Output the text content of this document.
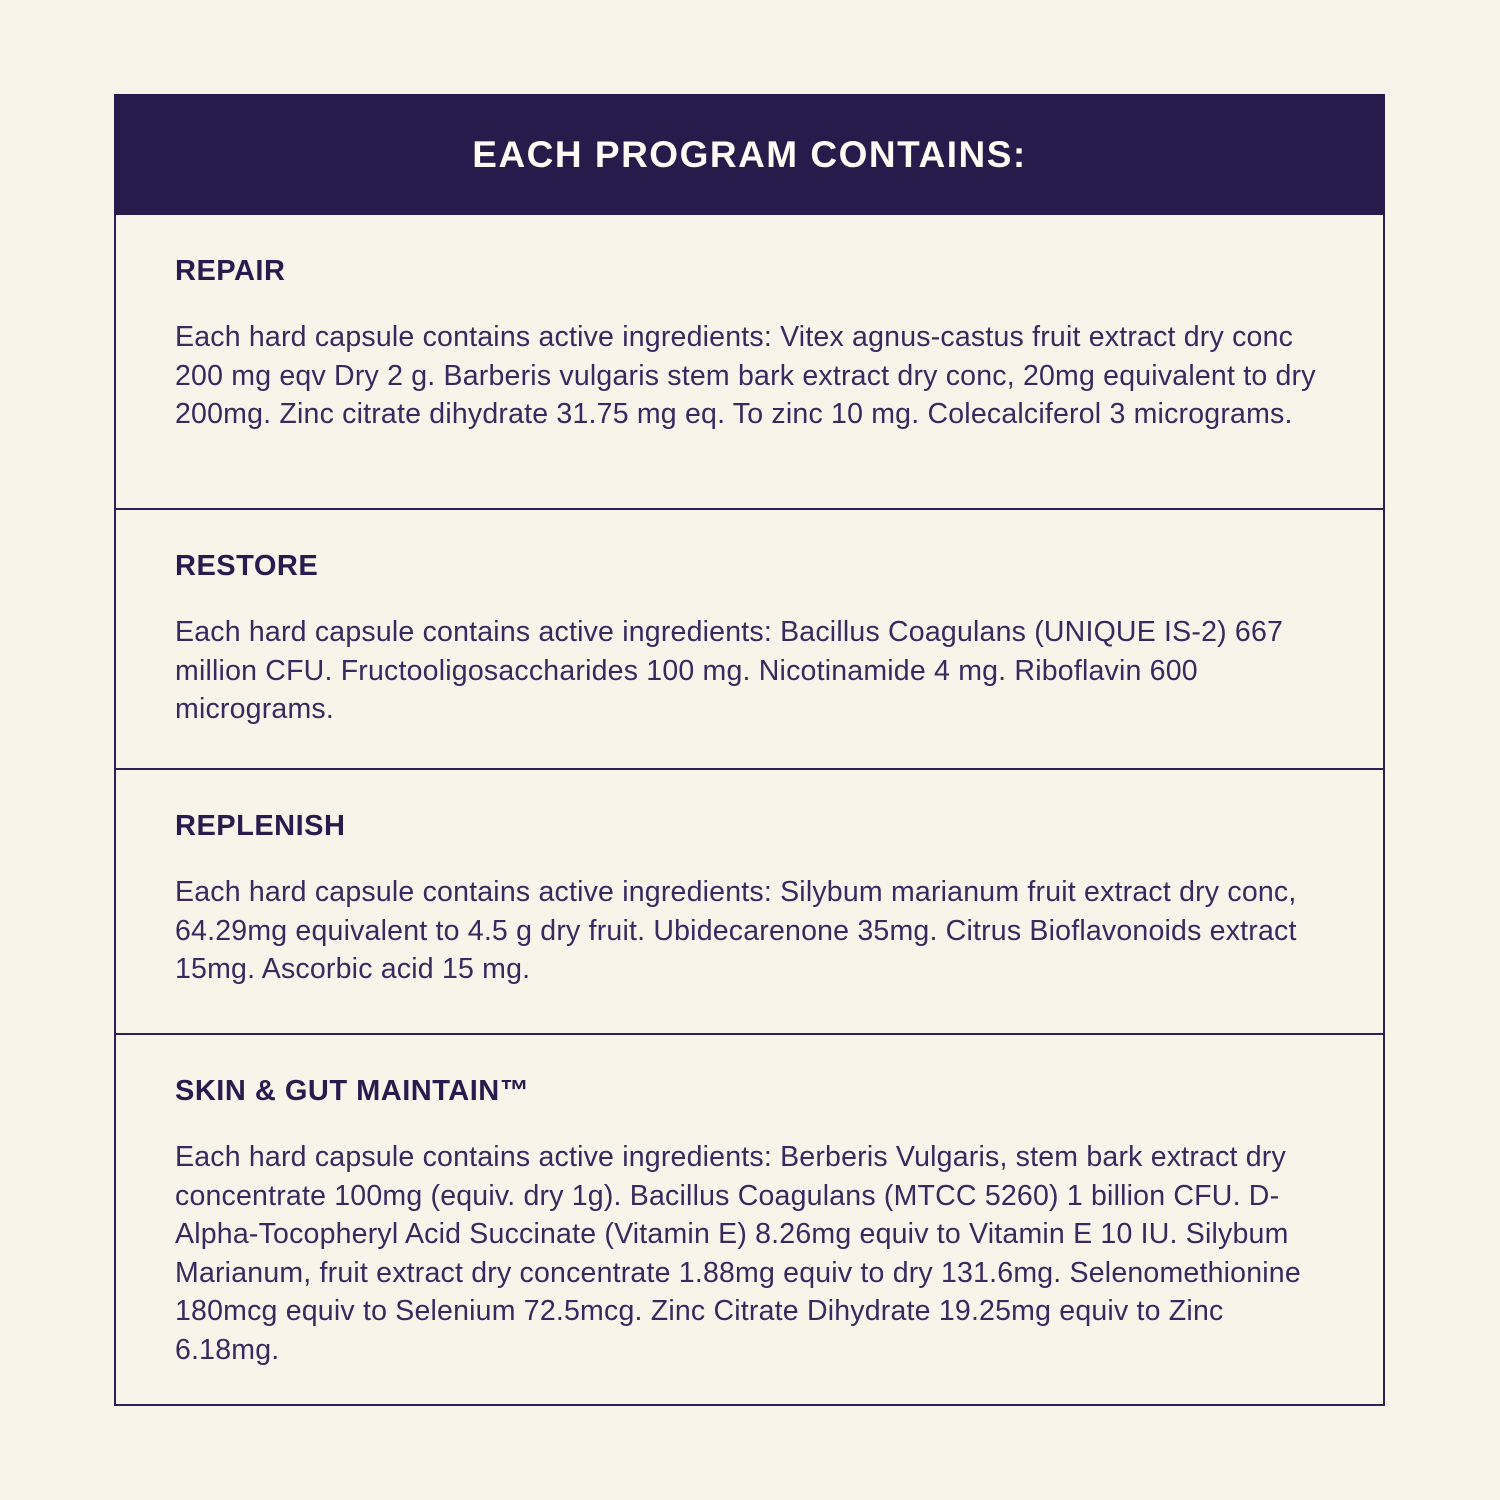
EACH PROGRAM CONTAINS:
REPAIR

Each hard capsule contains active ingredients: Vitex agnus-castus fruit extract dry conc 200 mg eqv Dry 2 g. Barberis vulgaris stem bark extract dry conc, 20mg equivalent to dry 200mg. Zinc citrate dihydrate 31.75 mg eq. To zinc 10 mg. Colecalciferol 3 micrograms.

RESTORE

Each hard capsule contains active ingredients: Bacillus Coagulans (UNIQUE IS-2) 667 million CFU. Fructooligosaccharides 100 mg. Nicotinamide 4 mg. Riboflavin 600 micrograms.

REPLENISH

Each hard capsule contains active ingredients: Silybum marianum fruit extract dry conc, 64.29mg equivalent to 4.5 g dry fruit. Ubidecarenone 35mg. Citrus Bioflavonoids extract 15mg. Ascorbic acid 15 mg.

SKIN & GUT MAINTAIN™

Each hard capsule contains active ingredients: Berberis Vulgaris, stem bark extract dry concentrate 100mg (equiv. dry 1g). Bacillus Coagulans (MTCC 5260) 1 billion CFU. D-Alpha-Tocopheryl Acid Succinate (Vitamin E) 8.26mg equiv to Vitamin E 10 IU. Silybum Marianum, fruit extract dry concentrate 1.88mg equiv to dry 131.6mg. Selenomethionine 180mcg equiv to Selenium 72.5mcg. Zinc Citrate Dihydrate 19.25mg equiv to Zinc 6.18mg.
